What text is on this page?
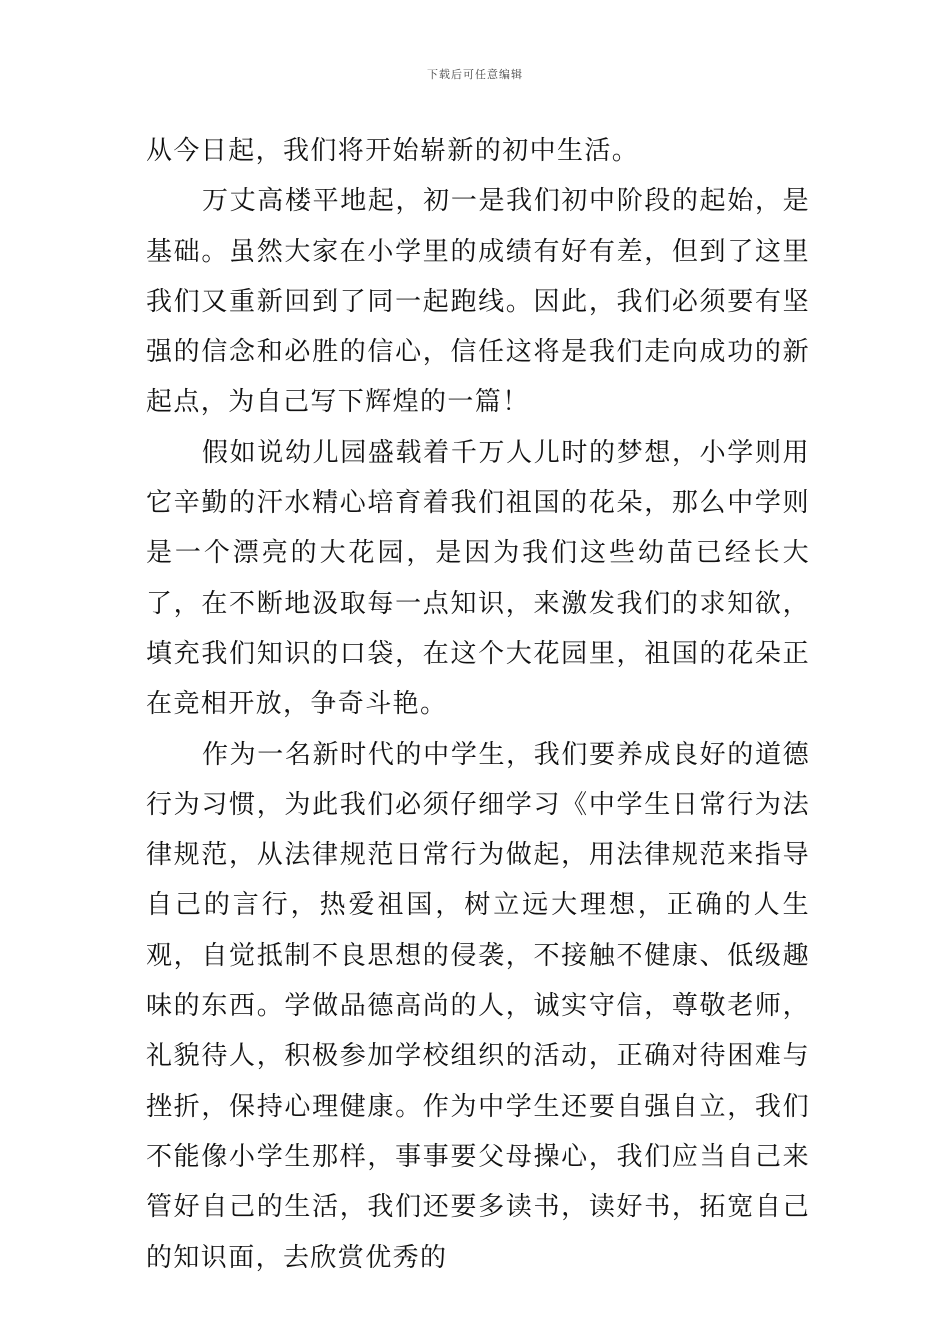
下载后可任意编辑

从今日起，我们将开始崭新的初中生活。

万丈高楼平地起，初一是我们初中阶段的起始，是基础。虽然大家在小学里的成绩有好有差，但到了这里我们又重新回到了同一起跑线。因此，我们必须要有坚强的信念和必胜的信心，信任这将是我们走向成功的新起点，为自己写下辉煌的一篇！

假如说幼儿园盛载着千万人儿时的梦想，小学则用它辛勤的汗水精心培育着我们祖国的花朵，那么中学则是一个漂亮的大花园，是因为我们这些幼苗已经长大了，在不断地汲取每一点知识，来激发我们的求知欲，填充我们知识的口袋，在这个大花园里，祖国的花朵正在竞相开放，争奇斗艳。

作为一名新时代的中学生，我们要养成良好的道德行为习惯，为此我们必须仔细学习《中学生日常行为法律规范，从法律规范日常行为做起，用法律规范来指导自己的言行，热爱祖国，树立远大理想，正确的人生观，自觉抵制不良思想的侵袭，不接触不健康、低级趣味的东西。学做品德高尚的人，诚实守信，尊敬老师，礼貌待人，积极参加学校组织的活动，正确对待困难与挫折，保持心理健康。作为中学生还要自强自立，我们不能像小学生那样，事事要父母操心，我们应当自己来管好自己的生活，我们还要多读书，读好书，拓宽自己的知识面，去欣赏优秀的
